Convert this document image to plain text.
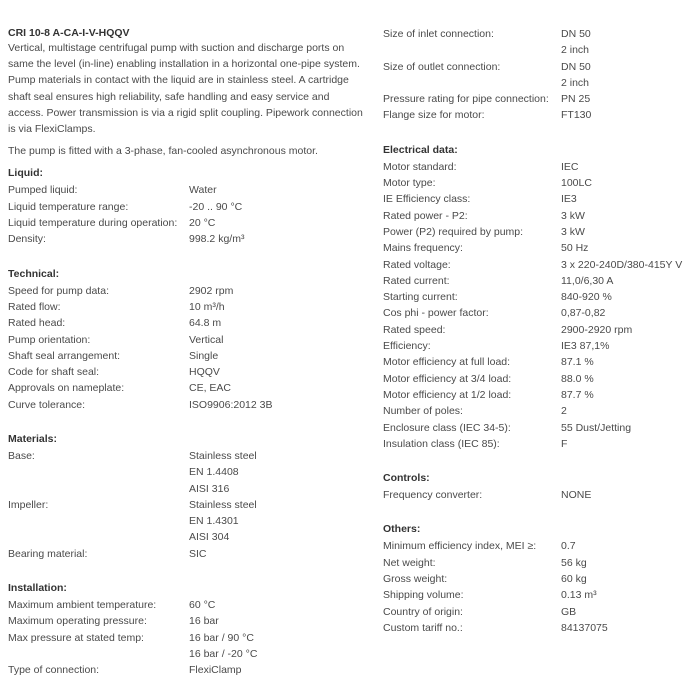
CRI 10-8 A-CA-I-V-HQQV

Vertical, multistage centrifugal pump with suction and discharge ports on same the level (in-line) enabling installation in a horizontal one-pipe system. Pump materials in contact with the liquid are in stainless steel. A cartridge shaft seal ensures high reliability, safe handling and easy service and access. Power transmission is via a rigid split coupling. Pipework connection is via FlexiClamps.

The pump is fitted with a 3-phase, fan-cooled asynchronous motor.

Liquid:
Pumped liquid:	Water
Liquid temperature range:	-20 .. 90 °C
Liquid temperature during operation:	20 °C
Density:	998.2 kg/m³
Technical:
Speed for pump data:	2902 rpm
Rated flow:	10 m³/h
Rated head:	64.8 m
Pump orientation:	Vertical
Shaft seal arrangement:	Single
Code for shaft seal:	HQQV
Approvals on nameplate:	CE, EAC
Curve tolerance:	ISO9906:2012 3B
Materials:
Base:	Stainless steel
EN 1.4408
AISI 316
Impeller:	Stainless steel
EN 1.4301
AISI 304
Bearing material:	SIC
Installation:
Maximum ambient temperature:	60 °C
Maximum operating pressure:	16 bar
Max pressure at stated temp:	16 bar / 90 °C
16 bar / -20 °C
Type of connection:	FlexiClamp
Size of inlet connection:	DN 50
2 inch
Size of outlet connection:	DN 50
2 inch
Pressure rating for pipe connection:	PN 25
Flange size for motor:	FT130
Electrical data:
Motor standard:	IEC
Motor type:	100LC
IE Efficiency class:	IE3
Rated power - P2:	3 kW
Power (P2) required by pump:	3 kW
Mains frequency:	50 Hz
Rated voltage:	3 x 220-240D/380-415Y V
Rated current:	11,0/6,30 A
Starting current:	840-920 %
Cos phi - power factor:	0,87-0,82
Rated speed:	2900-2920 rpm
Efficiency:	IE3 87,1%
Motor efficiency at full load:	87.1 %
Motor efficiency at 3/4 load:	88.0 %
Motor efficiency at 1/2 load:	87.7 %
Number of poles:	2
Enclosure class (IEC 34-5):	55 Dust/Jetting
Insulation class (IEC 85):	F
Controls:
Frequency converter:	NONE
Others:
Minimum efficiency index, MEI ≥:	0.7
Net weight:	56 kg
Gross weight:	60 kg
Shipping volume:	0.13 m³
Country of origin:	GB
Custom tariff no.:	84137075
